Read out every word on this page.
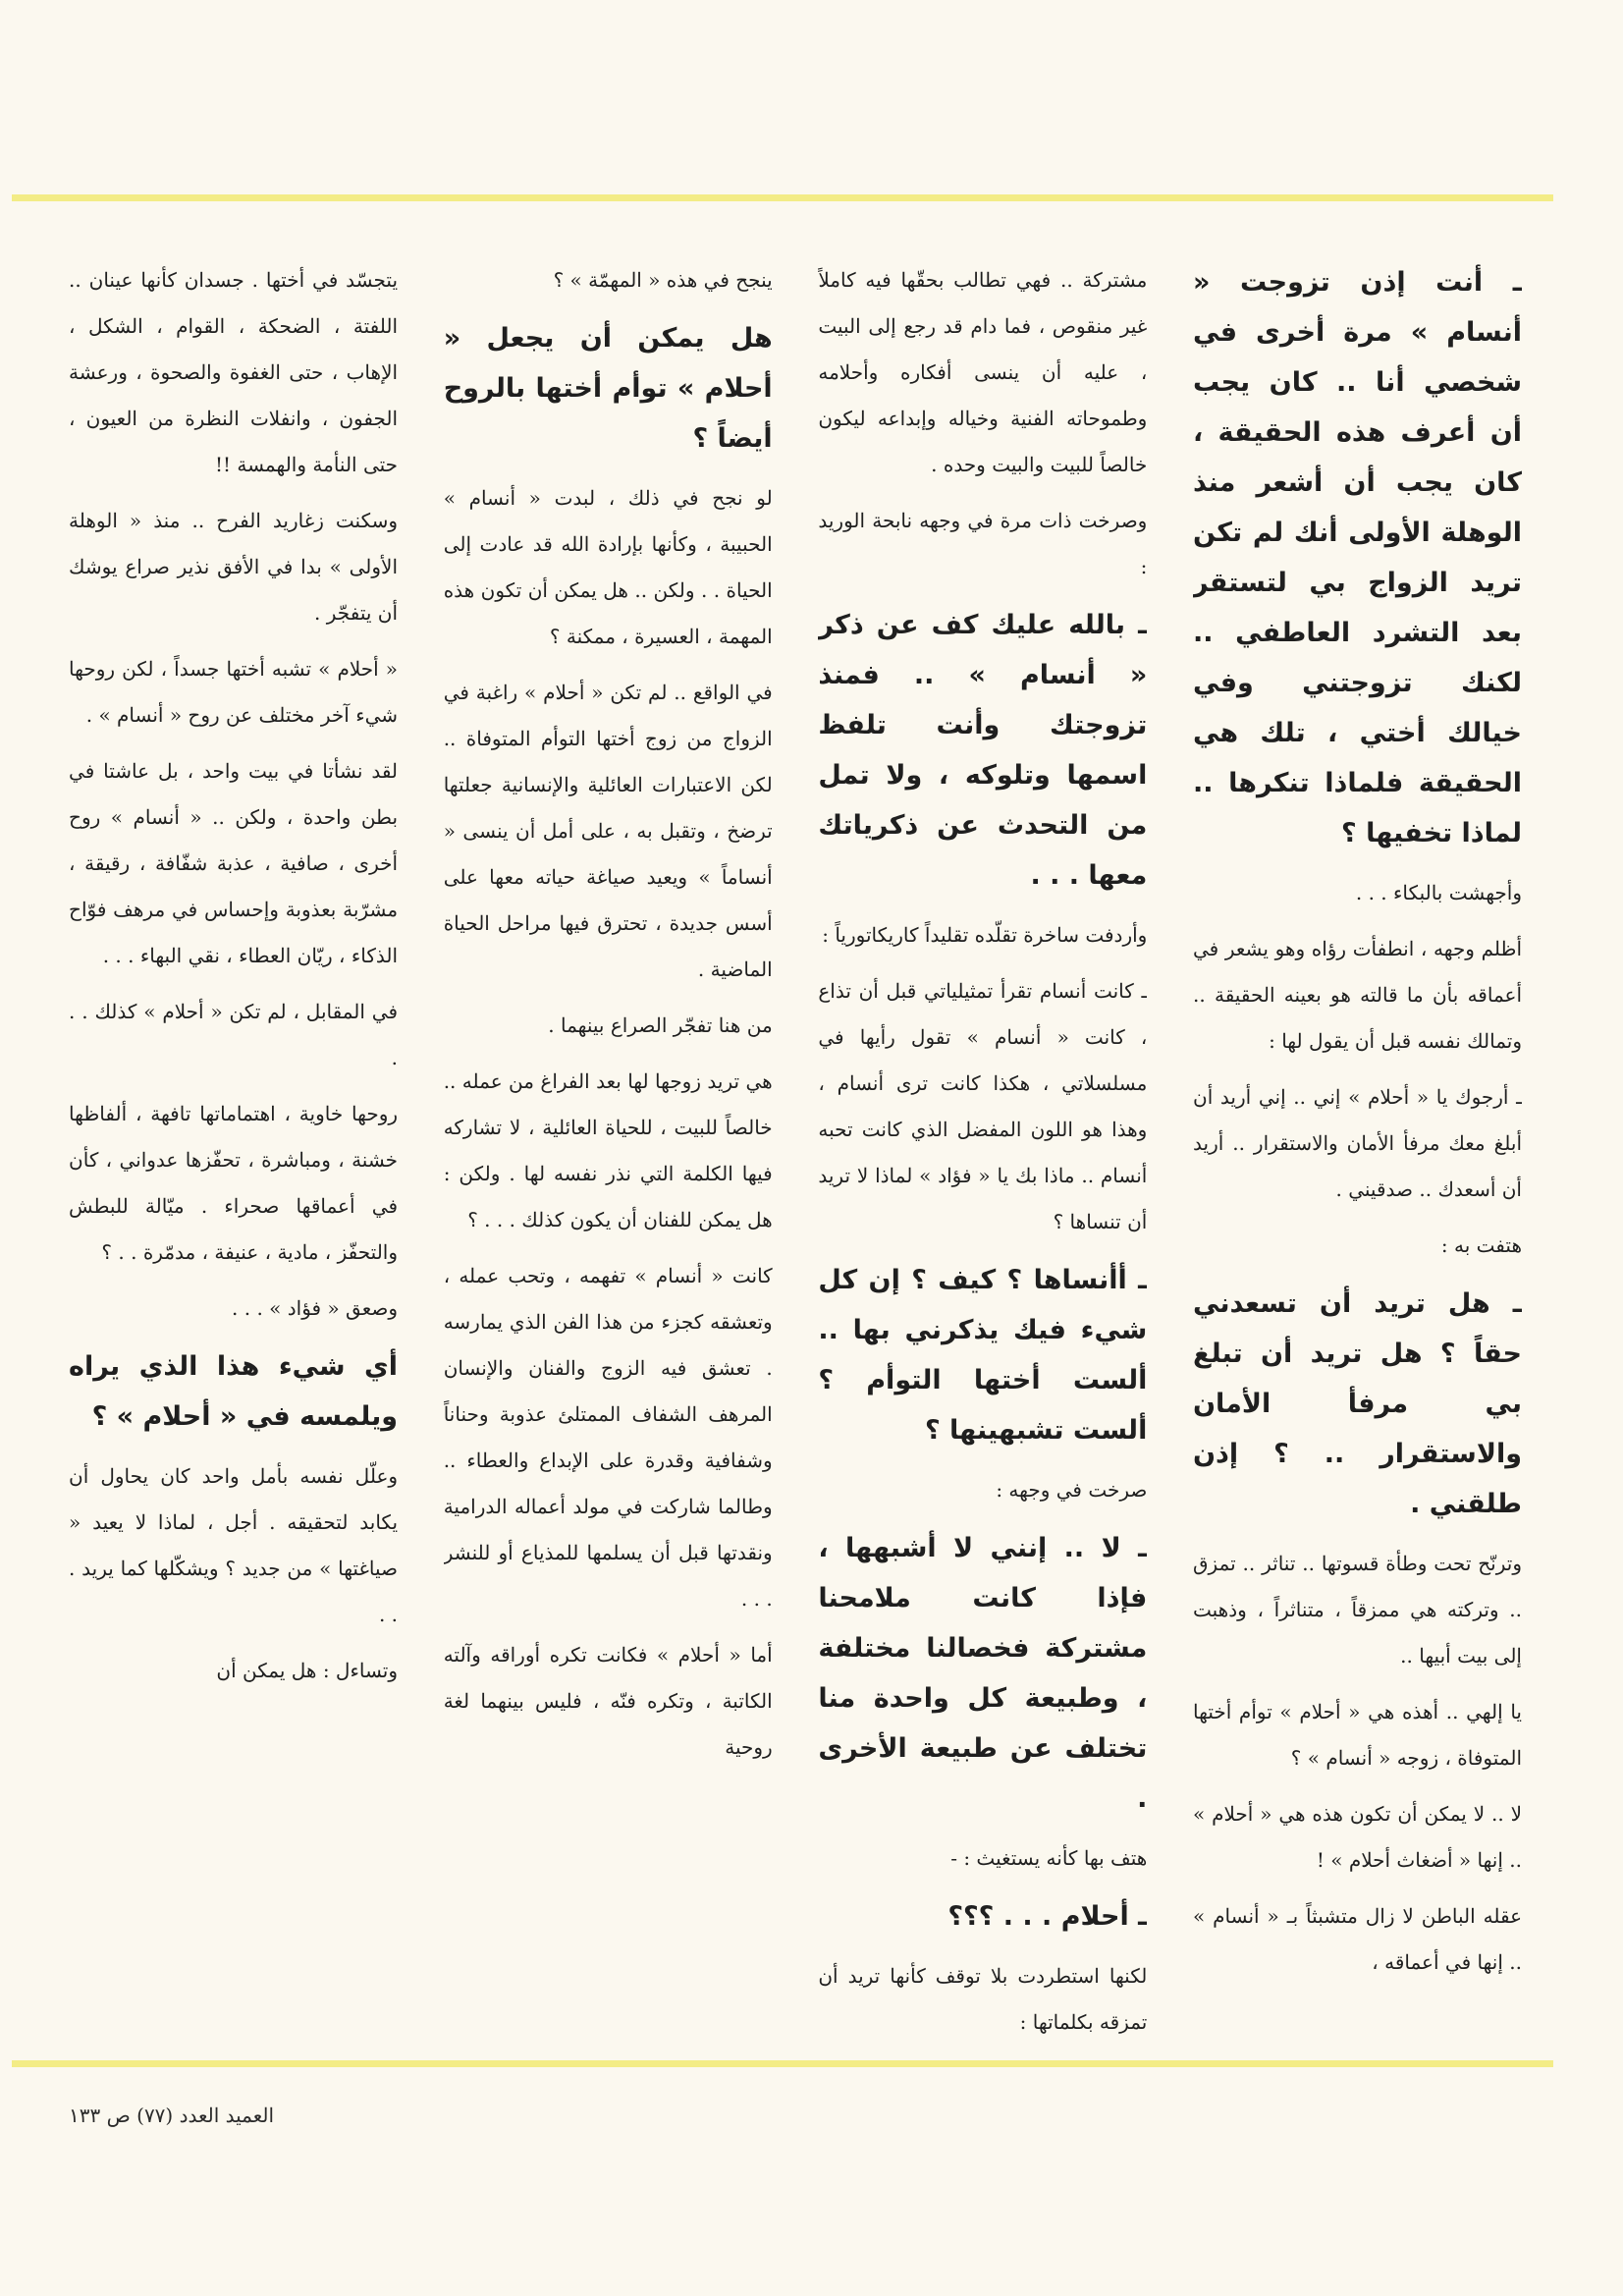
يتجسّد في أختها . جسدان كأنها عينان .. اللفتة ، الضحكة ، القوام ، الشكل ، الإهاب ، حتى الغفوة والصحوة ، ورعشة الجفون ، وانفلات النظرة من العيون ، حتى النأمة والهمسة !!

وسكنت زغاريد الفرح .. منذ « الوهلة الأولى » بدا في الأفق نذير صراع يوشك أن يتفجّر .

« أحلام » تشبه أختها جسداً ، لكن روحها شيء آخر مختلف عن روح « أنسام » .

لقد نشأتا في بيت واحد ، بل عاشتا في بطن واحدة ، ولكن .. « أنسام » روح أخرى ، صافية ، عذبة شفّافة ، رقيقة ، مشرّبة بعذوبة وإحساس في مرهف فوّاح الذكاء ، ريّان العطاء ، نقي البهاء . . .

في المقابل ، لم تكن « أحلام » كذلك . . .

روحها خاوية ، اهتماماتها تافهة ، ألفاظها خشنة ، ومباشرة ، تحفّزها عدواني ، كأن في أعماقها صحراء . ميّالة للبطش والتحفّز ، مادية ، عنيفة ، مدمّرة . . ؟

وصعق « فؤاد » . . .

أي شيء هذا الذي يراه ويلمسه في « أحلام » ؟

وعلّل نفسه بأمل واحد كان يحاول أن يكابد لتحقيقه . أجل ، لماذا لا يعيد « صياغتها » من جديد ؟ ويشكّلها كما يريد . . .

وتساءل : هل يمكن أن

ينجح في هذه « المهمّة » ؟

هل يمكن أن يجعل « أحلام » توأم أختها بالروح أيضاً ؟

لو نجح في ذلك ، لبدت « أنسام » الحبيبة ، وكأنها بإرادة الله قد عادت إلى الحياة . . ولكن .. هل يمكن أن تكون هذه المهمة ، العسيرة ، ممكنة ؟

في الواقع .. لم تكن « أحلام » راغبة في الزواج من زوج أختها التوأم المتوفاة .. لكن الاعتبارات العائلية والإنسانية جعلتها ترضخ ، وتقبل به ، على أمل أن ينسى « أنساماً » ويعيد صياغة حياته معها على أسس جديدة ، تحترق فيها مراحل الحياة الماضية .

من هنا تفجّر الصراع بينهما .

هي تريد زوجها لها بعد الفراغ من عمله .. خالصاً للبيت ، للحياة العائلية ، لا تشاركه فيها الكلمة التي نذر نفسه لها . ولكن : هل يمكن للفنان أن يكون كذلك . . . ؟

كانت « أنسام » تفهمه ، وتحب عمله ، وتعشقه كجزء من هذا الفن الذي يمارسه . تعشق فيه الزوج والفنان والإنسان المرهف الشفاف الممتلئ عذوبة وحناناً وشفافية وقدرة على الإبداع والعطاء .. وطالما شاركت في مولد أعماله الدرامية ونقدتها قبل أن يسلمها للمذياع أو للنشر . . .

أما « أحلام » فكانت تكره أوراقه وآلته الكاتبة ، وتكره فنّه ، فليس بينهما لغة روحية

مشتركة .. فهي تطالب بحقّها فيه كاملاً غير منقوص ، فما دام قد رجع إلى البيت ، عليه أن ينسى أفكاره وأحلامه وطموحاته الفنية وخياله وإبداعه ليكون خالصاً للبيت والبيت وحده .

وصرخت ذات مرة في وجهه نابحة الوريد :

ـ بالله عليك كف عن ذكر « أنسام » .. فمنذ تزوجتك وأنت تلفظ اسمها وتلوكه ، ولا تمل من التحدث عن ذكرياتك معها . . .

وأردفت ساخرة تقلّده تقليداً كاريكاتورياً :

ـ كانت أنسام تقرأ تمثيلياتي قبل أن تذاع ، كانت « أنسام » تقول رأيها في مسلسلاتي ، هكذا كانت ترى أنسام ، وهذا هو اللون المفضل الذي كانت تحبه أنسام .. ماذا بك يا « فؤاد » لماذا لا تريد أن تنساها ؟

ـ أأنساها ؟ كيف ؟ إن كل شيء فيك يذكرني بها .. ألست أختها التوأم ؟ ألست تشبهينها ؟

صرخت في وجهه :

ـ لا .. إنني لا أشبهها ، فإذا كانت ملامحنا مشتركة فخصالنا مختلفة ، وطبيعة كل واحدة منا تختلف عن طبيعة الأخرى .

هتف بها كأنه يستغيث : -

ـ أحلام . . . ؟؟؟

لكنها استطردت بلا توقف كأنها تريد أن تمزقه بكلماتها :

ـ أنت إذن تزوجت « أنسام » مرة أخرى في شخصي أنا .. كان يجب أن أعرف هذه الحقيقة ، كان يجب أن أشعر منذ الوهلة الأولى أنك لم تكن تريد الزواج بي لتستقر بعد التشرد العاطفي .. لكنك تزوجتني وفي خيالك أختي ، تلك هي الحقيقة فلماذا تنكرها .. لماذا تخفيها ؟

وأجهشت بالبكاء . . .

أظلم وجهه ، انطفأت رؤاه وهو يشعر في أعماقه بأن ما قالته هو بعينه الحقيقة .. وتمالك نفسه قبل أن يقول لها :

ـ أرجوك يا « أحلام » إني .. إني أريد أن أبلغ معك مرفأ الأمان والاستقرار .. أريد أن أسعدك .. صدقيني .

هتفت به :

ـ هل تريد أن تسعدني حقاً ؟ هل تريد أن تبلغ بي مرفأ الأمان والاستقرار .. ؟ إذن طلقني .

وترنّح تحت وطأة قسوتها .. تناثر .. تمزق .. وتركته هي ممزقاً ، متناثراً ، وذهبت إلى بيت أبيها ..

يا إلهي .. أهذه هي « أحلام » توأم أختها المتوفاة ، زوجه « أنسام » ؟

لا .. لا يمكن أن تكون هذه هي « أحلام » .. إنها « أضغاث أحلام » !

عقله الباطن لا زال متشبثاً بـ « أنسام » .. إنها في أعماقه ،

العميد العدد (٧٧) ص ١٣٣
